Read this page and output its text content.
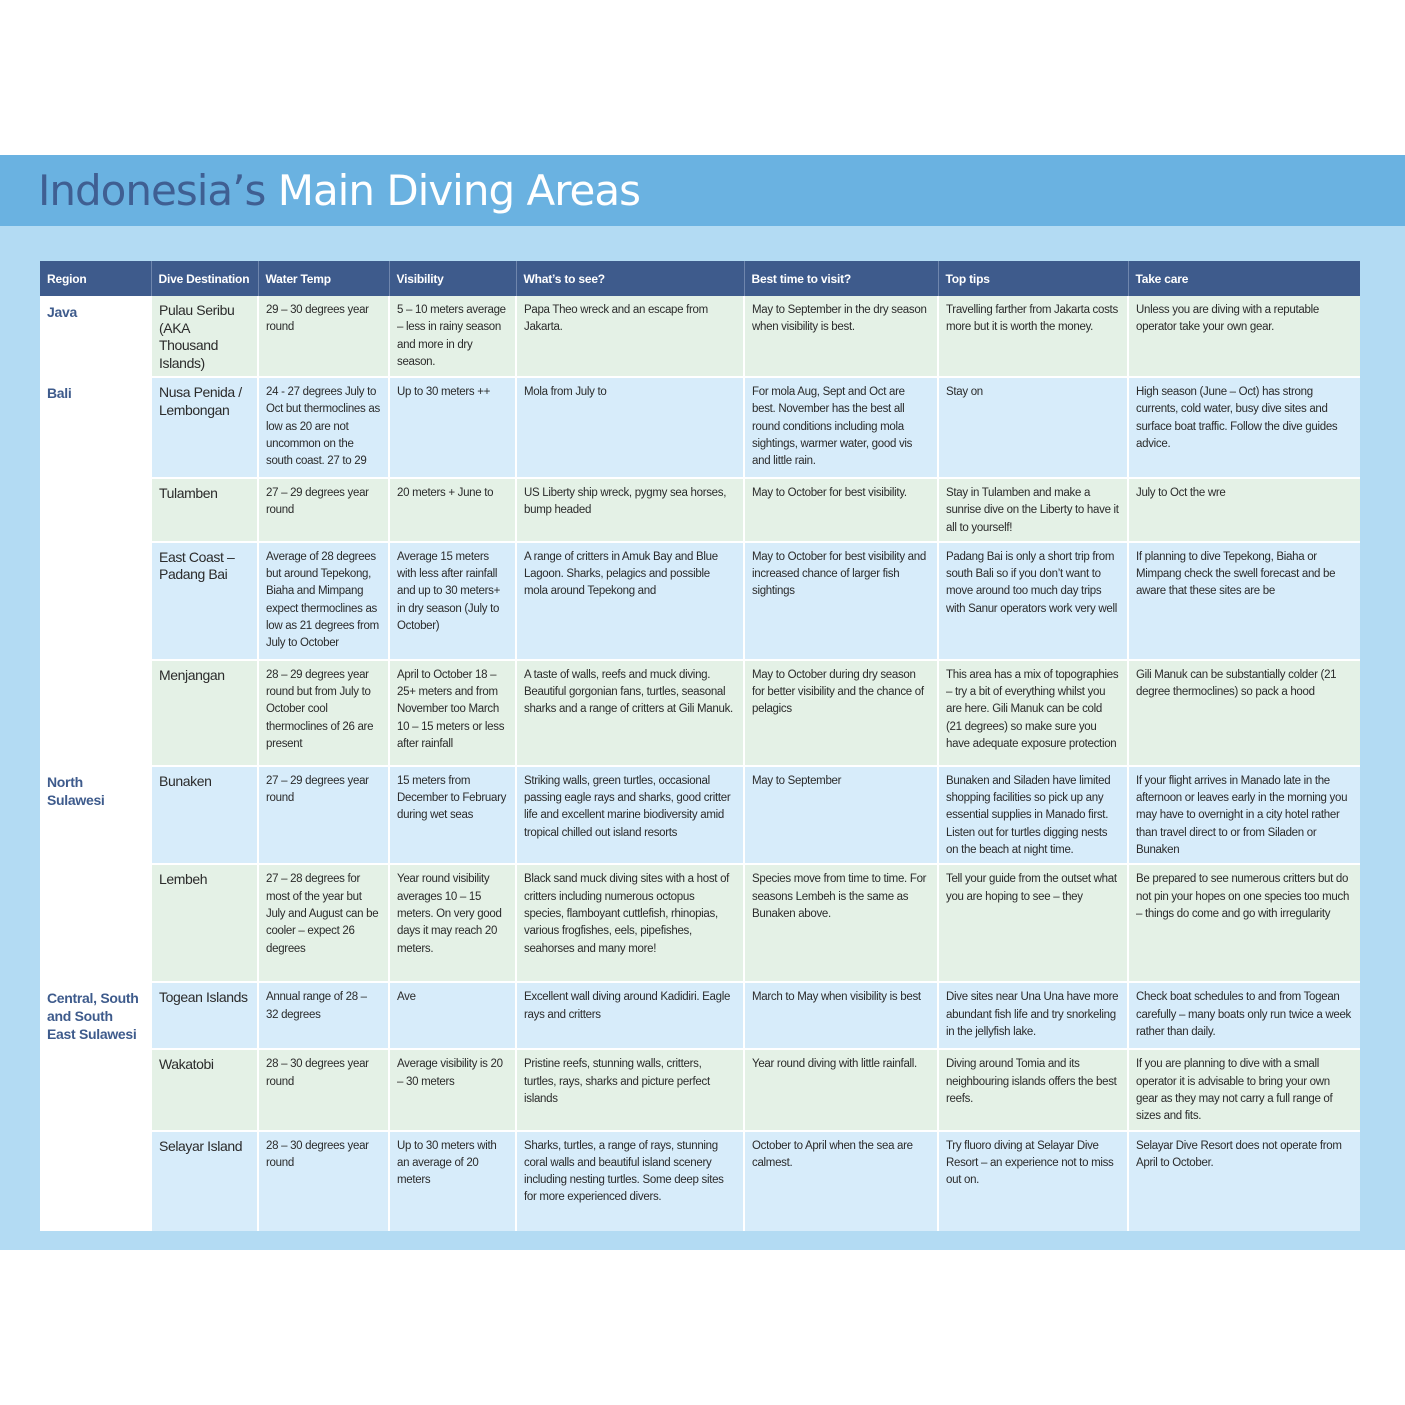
Indonesia’s Main Diving Areas
Region	Dive Destination	Water Temp	Visibility	What’s to see?	Best time to visit?	Top tips	Take care
Java	Pulau Seribu (AKA Thousand Islands)	29 – 30 degrees year round	5 – 10 meters average – less in rainy season and more in dry season.	Papa Theo wreck and an escape from Jakarta.	May to September in the dry season when visibility is best.	Travelling farther from Jakarta costs more but it is worth the money.	Unless you are diving with a reputable operator take your own gear.
Bali	Nusa Penida / Lembongan	24 - 27 degrees July to Oct but thermoclines as low as 20 are not uncommon on the south coast. 27 to 29	Up to 30 meters ++	Mola from July to	For mola Aug, Sept and Oct are best. November has the best all round conditions including mola sightings, warmer water, good vis and little rain.	Stay on	High season (June – Oct) has strong currents, cold water, busy dive sites and surface boat traffic. Follow the dive guides advice.
	Tulamben	27 – 29 degrees year round	20 meters + June to	US Liberty ship wreck, pygmy sea horses, bump headed	May to October for best visibility.	Stay in Tulamben and make a sunrise dive on the Liberty to have it all to yourself!	July to Oct the wre
	East Coast – Padang Bai	Average of 28 degrees but around Tepekong, Biaha and Mimpang expect thermoclines as low as 21 degrees from July to October	Average 15 meters with less after rainfall and up to 30 meters+ in dry season (July to October)	A range of critters in Amuk Bay and Blue Lagoon. Sharks, pelagics and possible mola around Tepekong and	May to October for best visibility and increased chance of larger fish sightings	Padang Bai is only a short trip from south Bali so if you don’t want to move around too much day trips with Sanur operators work very well	If planning to dive Tepekong, Biaha or Mimpang check the swell forecast and be aware that these sites are be
	Menjangan	28 – 29 degrees year round but from July to October cool thermoclines of 26 are present	April to October 18 – 25+ meters and from November too March 10 – 15 meters or less after rainfall	A taste of walls, reefs and muck diving. Beautiful gorgonian fans, turtles, seasonal sharks and a range of critters at Gili Manuk.	May to October during dry season for better visibility and the chance of pelagics	This area has a mix of topographies – try a bit of everything whilst you are here. Gili Manuk can be cold (21 degrees) so make sure you have adequate exposure protection	Gili Manuk can be substantially colder (21 degree thermoclines) so pack a hood
North Sulawesi	Bunaken	27 – 29 degrees year round	15 meters from December to February during wet seas	Striking walls, green turtles, occasional passing eagle rays and sharks, good critter life and excellent marine biodiversity amid tropical chilled out island resorts	May to September	Bunaken and Siladen have limited shopping facilities so pick up any essential supplies in Manado first. Listen out for turtles digging nests on the beach at night time.	If your flight arrives in Manado late in the afternoon or leaves early in the morning you may have to overnight in a city hotel rather than travel direct to or from Siladen or Bunaken
	Lembeh	27 – 28 degrees for most of the year but July and August can be cooler – expect 26 degrees	Year round visibility averages 10 – 15 meters. On very good days it may reach 20 meters.	Black sand muck diving sites with a host of critters including numerous octopus species, flamboyant cuttlefish, rhinopias, various frogfishes, eels, pipefishes, seahorses and many more!	Species move from time to time. For seasons Lembeh is the same as Bunaken above.	Tell your guide from the outset what you are hoping to see – they	Be prepared to see numerous critters but do not pin your hopes on one species too much – things do come and go with irregularity
Central, South and South East Sulawesi	Togean Islands	Annual range of 28 – 32 degrees	Ave	Excellent wall diving around Kadidiri. Eagle rays and critters	March to May when visibility is best	Dive sites near Una Una have more abundant fish life and try snorkeling in the jellyfish lake.	Check boat schedules to and from Togean carefully – many boats only run twice a week rather than daily.
	Wakatobi	28 – 30 degrees year round	Average visibility is 20 – 30 meters	Pristine reefs, stunning walls, critters, turtles, rays, sharks and picture perfect islands	Year round diving with little rainfall.	Diving around Tomia and its neighbouring islands offers the best reefs.	If you are planning to dive with a small operator it is advisable to bring your own gear as they may not carry a full range of sizes and fits.
	Selayar Island	28 – 30 degrees year round	Up to 30 meters with an average of 20 meters	Sharks, turtles, a range of rays, stunning coral walls and beautiful island scenery including nesting turtles. Some deep sites for more experienced divers.	October to April when the sea are calmest.	Try fluoro diving at Selayar Dive Resort – an experience not to miss out on.	Selayar Dive Resort does not operate from April to October.
